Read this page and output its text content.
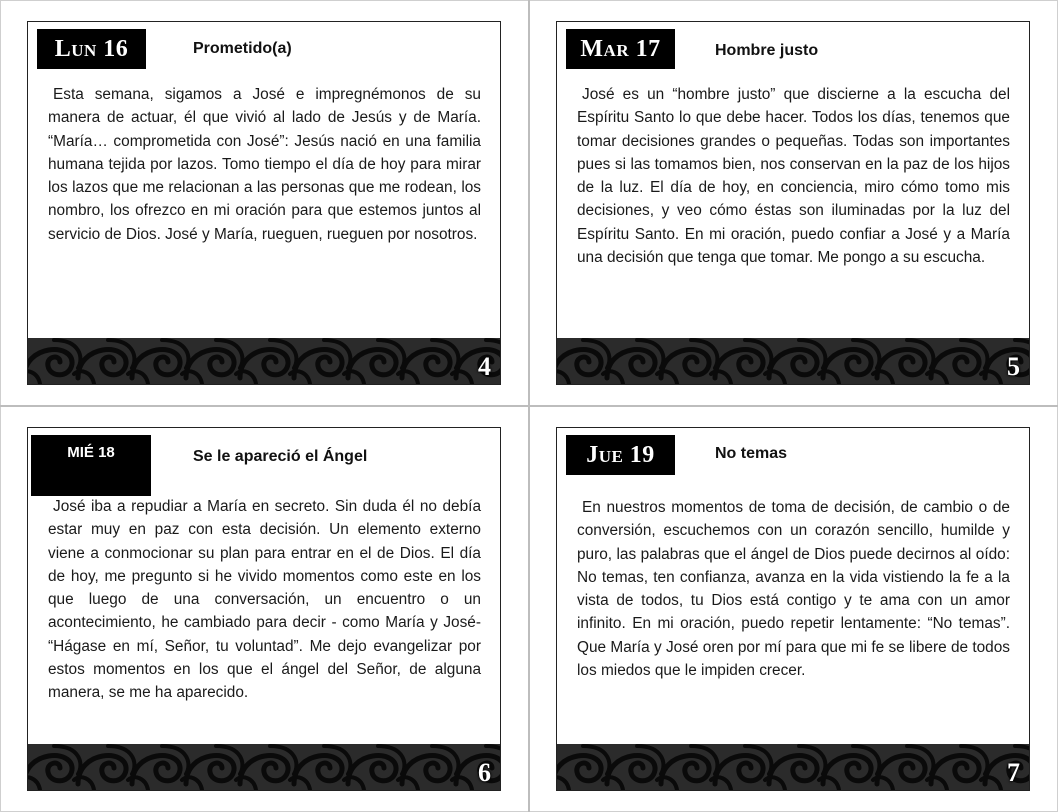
Lun 16	Prometido(a)
Esta semana, sigamos a José e impregnémonos de su manera de actuar, él que vivió al lado de Jesús y de María. “María… comprometida con José”: Jesús nació en una familia humana tejida por lazos. Tomo tiempo el día de hoy para mirar los lazos que me relacionan a las personas que me rodean, los nombro, los ofrezco en mi oración para que estemos juntos al servicio de Dios. José y María, rueguen, rueguen por nosotros.
4
Mar 17	Hombre justo
José es un “hombre justo” que discierne a la escucha del Espíritu Santo lo que debe hacer. Todos los días, tenemos que tomar decisiones grandes o pequeñas. Todas son importantes pues si las tomamos bien, nos conservan en la paz de los hijos de la luz. El día de hoy, en conciencia, miro cómo tomo mis decisiones, y veo cómo éstas son iluminadas por la luz del Espíritu Santo. En mi oración, puedo confiar a José y a María una decisión que tenga que tomar. Me pongo a su escucha.
5
MIÉ 18	Se le apareció el Ángel
José iba a repudiar a María en secreto. Sin duda él no debía estar muy en paz con esta decisión. Un elemento externo viene a conmocionar su plan para entrar en el de Dios. El día de hoy, me pregunto si he vivido momentos como este en los que luego de una conversación, un encuentro o un acontecimiento, he cambiado para decir - como María y José- “Hágase en mí, Señor, tu voluntad”. Me dejo evangelizar por estos momentos en los que el ángel del Señor, de alguna manera, se me ha aparecido.
6
Jue 19	No temas
En nuestros momentos de toma de decisión, de cambio o de conversión, escuchemos con un corazón sencillo, humilde y puro, las palabras que el ángel de Dios puede decirnos al oído: No temas, ten confianza, avanza en la vida vistiendo la fe a la vista de todos, tu Dios está contigo y te ama con un amor infinito. En mi oración, puedo repetir lentamente: “No temas”. Que María y José oren por mí para que mi fe se libere de todos los miedos que le impiden crecer.
7
